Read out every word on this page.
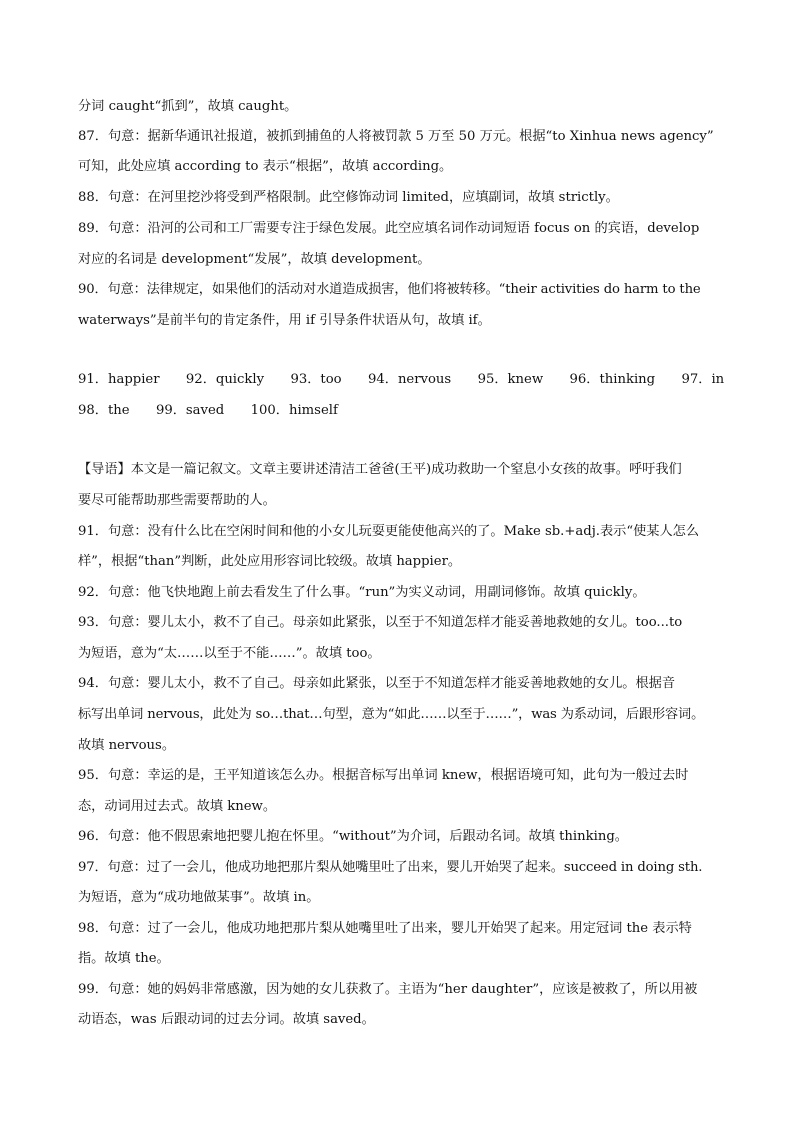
分词 caught“抓到”，故填 caught。
87．句意：据新华通讯社报道，被抓到捕鱼的人将被罚款 5 万至 50 万元。根据“to Xinhua news agency”
可知，此处应填 according to 表示“根据”，故填 according。
88．句意：在河里挖沙将受到严格限制。此空修饰动词 limited，应填副词，故填 strictly。
89．句意：沿河的公司和工厂需要专注于绿色发展。此空应填名词作动词短语 focus on 的宾语，develop
对应的名词是 development“发展”，故填 development。
90．句意：法律规定，如果他们的活动对水道造成损害，他们将被转移。“their activities do harm to the
waterways”是前半句的肯定条件，用 if 引导条件状语从句，故填 if。
91．happier　　92．quickly　　93．too　　94．nervous　　95．knew　　96．thinking　　97．in
98．the　　99．saved　　100．himself
【导语】本文是一篇记叙文。文章主要讲述清洁工爸爸(王平)成功救助一个窒息小女孩的故事。呼吁我们
要尽可能帮助那些需要帮助的人。
91．句意：没有什么比在空闲时间和他的小女儿玩耍更能使他高兴的了。Make sb.+adj.表示“使某人怎么
样”，根据“than”判断，此处应用形容词比较级。故填 happier。
92．句意：他飞快地跑上前去看发生了什么事。“run”为实义动词，用副词修饰。故填 quickly。
93．句意：婴儿太小，救不了自己。母亲如此紧张，以至于不知道怎样才能妥善地救她的女儿。too...to
为短语，意为“太……以至于不能……”。故填 too。
94．句意：婴儿太小，救不了自己。母亲如此紧张，以至于不知道怎样才能妥善地救她的女儿。根据音
标写出单词 nervous，此处为 so…that…句型，意为“如此……以至于……”，was 为系动词，后跟形容词。
故填 nervous。
95．句意：幸运的是，王平知道该怎么办。根据音标写出单词 knew，根据语境可知，此句为一般过去时
态，动词用过去式。故填 knew。
96．句意：他不假思索地把婴儿抱在怀里。“without”为介词，后跟动名词。故填 thinking。
97．句意：过了一会儿，他成功地把那片梨从她嘴里吐了出来，婴儿开始哭了起来。succeed in doing sth.
为短语，意为“成功地做某事”。故填 in。
98．句意：过了一会儿，他成功地把那片梨从她嘴里吐了出来，婴儿开始哭了起来。用定冠词 the 表示特
指。故填 the。
99．句意：她的妈妈非常感激，因为她的女儿获救了。主语为“her daughter”，应该是被救了，所以用被
动语态，was 后跟动词的过去分词。故填 saved。
